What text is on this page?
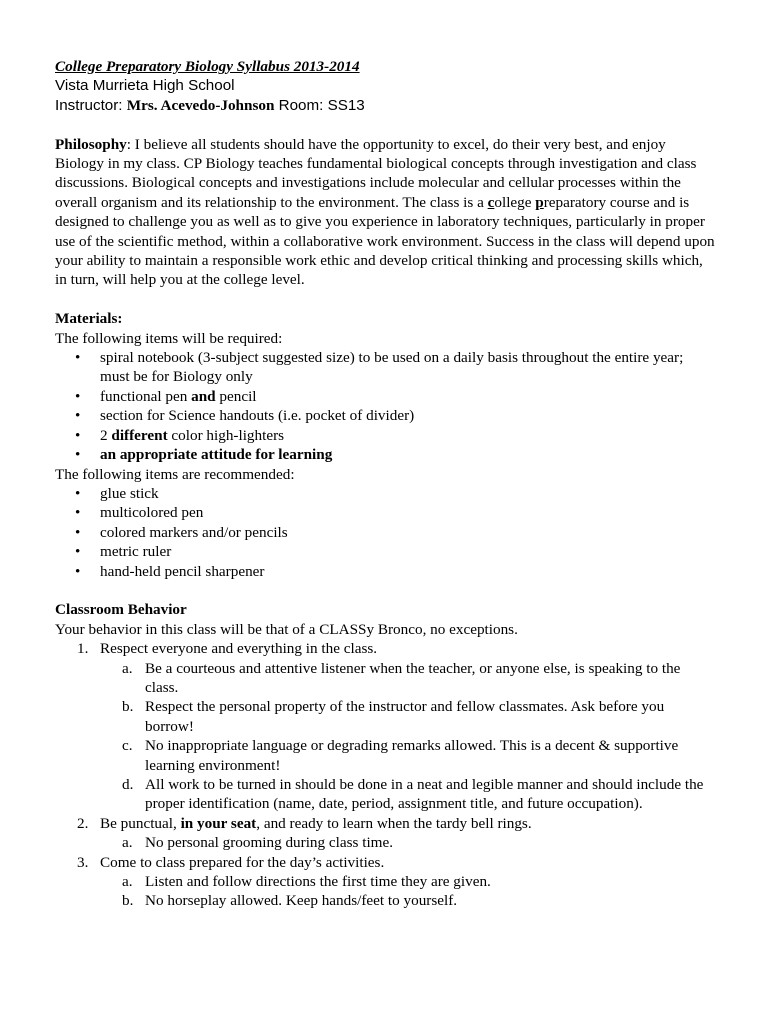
College Preparatory Biology Syllabus 2013-2014
Vista Murrieta High School
Instructor: Mrs. Acevedo-Johnson Room: SS13
Philosophy: I believe all students should have the opportunity to excel, do their very best, and enjoy Biology in my class. CP Biology teaches fundamental biological concepts through investigation and class discussions. Biological concepts and investigations include molecular and cellular processes within the overall organism and its relationship to the environment. The class is a college preparatory course and is designed to challenge you as well as to give you experience in laboratory techniques, particularly in proper use of the scientific method, within a collaborative work environment. Success in the class will depend upon your ability to maintain a responsible work ethic and develop critical thinking and processing skills which, in turn, will help you at the college level.
Materials:
The following items will be required:
• spiral notebook (3-subject suggested size) to be used on a daily basis throughout the entire year; must be for Biology only
• functional pen and pencil
• section for Science handouts (i.e. pocket of divider)
• 2 different color high-lighters
• an appropriate attitude for learning
The following items are recommended:
• glue stick
• multicolored pen
• colored markers and/or pencils
• metric ruler
• hand-held pencil sharpener
Classroom Behavior
Your behavior in this class will be that of a CLASSy Bronco, no exceptions.
1. Respect everyone and everything in the class.
a. Be a courteous and attentive listener when the teacher, or anyone else, is speaking to the class.
b. Respect the personal property of the instructor and fellow classmates. Ask before you borrow!
c. No inappropriate language or degrading remarks allowed. This is a decent & supportive learning environment!
d. All work to be turned in should be done in a neat and legible manner and should include the proper identification (name, date, period, assignment title, and future occupation).
2. Be punctual, in your seat, and ready to learn when the tardy bell rings.
a. No personal grooming during class time.
3. Come to class prepared for the day’s activities.
a. Listen and follow directions the first time they are given.
b. No horseplay allowed. Keep hands/feet to yourself.
